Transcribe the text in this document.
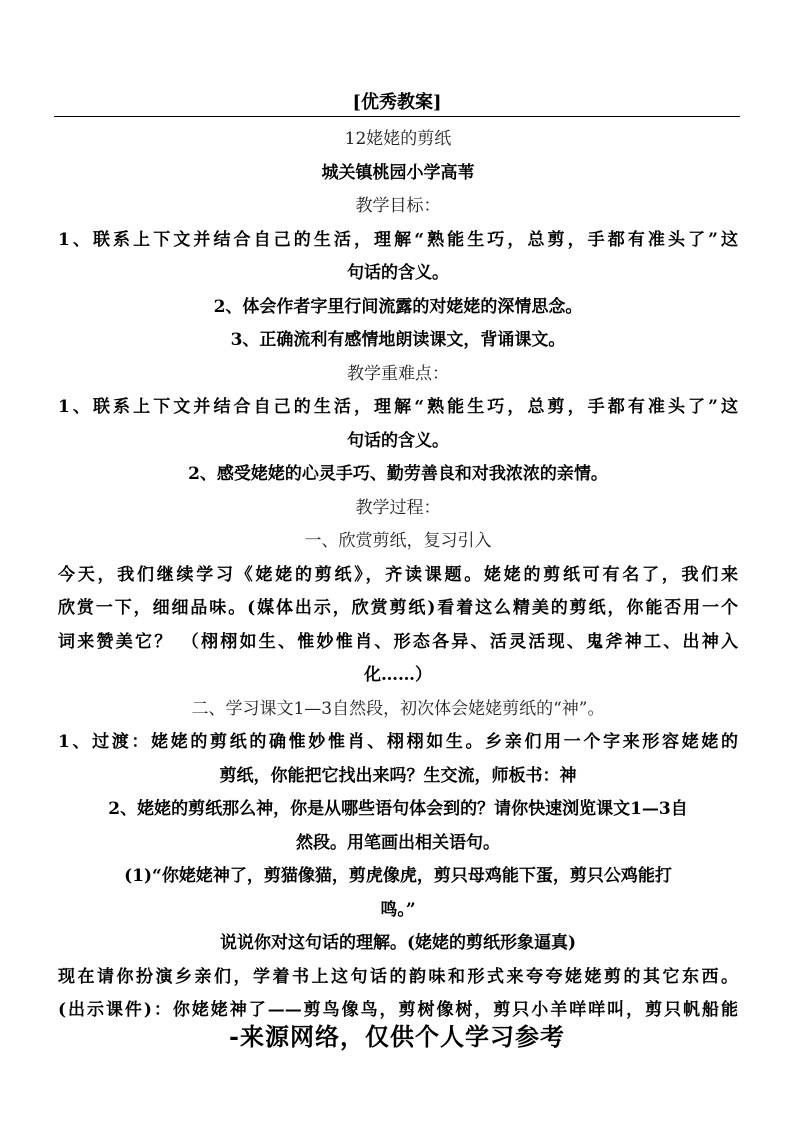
[优秀教案]
12姥姥的剪纸
城关镇桃园小学高苇
教学目标：
1、联系上下文并结合自己的生活，理解“熟能生巧，总剪，手都有准头了”这
句话的含义。
2、体会作者字里行间流露的对姥姥的深情思念。
3、正确流利有感情地朗读课文，背诵课文。
教学重难点：
1、联系上下文并结合自己的生活，理解“熟能生巧，总剪，手都有准头了”这
句话的含义。
2、感受姥姥的心灵手巧、勤劳善良和对我浓浓的亲情。
教学过程：
一、欣赏剪纸，复习引入
今天，我们继续学习《姥姥的剪纸》，齐读课题。姥姥的剪纸可有名了，我们来
欣赏一下，细细品味。(媒体出示，欣赏剪纸)看着这么精美的剪纸，你能否用一个
词来赞美它？ （栩栩如生、惟妙惟肖、形态各异、活灵活现、鬼斧神工、出神入
化……）
二、学习课文1—3自然段，初次体会姥姥剪纸的“神”。
1、过渡：姥姥的剪纸的确惟妙惟肖、栩栩如生。乡亲们用一个字来形容姥姥的
剪纸，你能把它找出来吗？生交流，师板书：神
2、姥姥的剪纸那么神，你是从哪些语句体会到的？请你快速浏览课文1—3自
然段。用笔画出相关语句。
(1)“你姥姥神了，剪猫像猫，剪虎像虎，剪只母鸡能下蛋，剪只公鸡能打
鸣。”
说说你对这句话的理解。(姥姥的剪纸形象逼真)
现在请你扮演乡亲们，学着书上这句话的韵味和形式来夸夸姥姥剪的其它东西。
(出示课件)：你姥姥神了——剪鸟像鸟，剪树像树，剪只小羊咩咩叫，剪只帆船能
-来源网络，仅供个人学习参考
